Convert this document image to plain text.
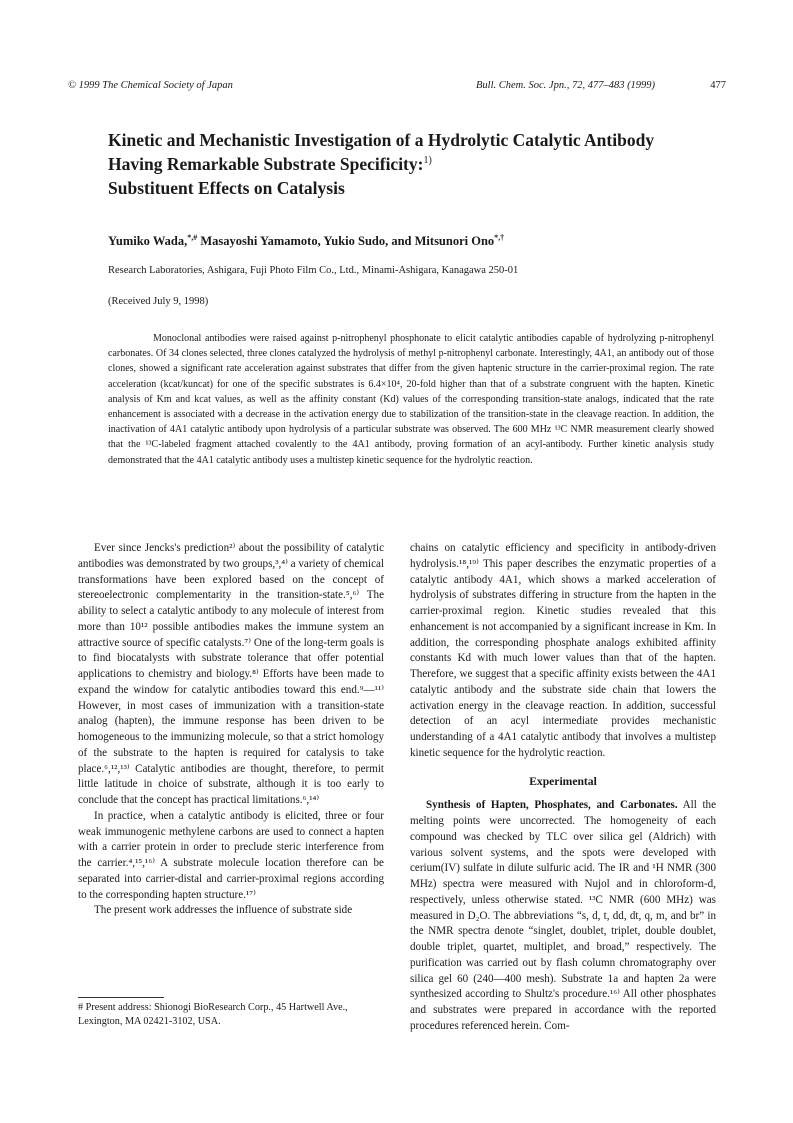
© 1999 The Chemical Society of Japan	Bull. Chem. Soc. Jpn., 72, 477–483 (1999)	477
Kinetic and Mechanistic Investigation of a Hydrolytic Catalytic Antibody
Having Remarkable Substrate Specificity:$^{1)}$
Substituent Effects on Catalysis
Yumiko Wada,*,# Masayoshi Yamamoto, Yukio Sudo, and Mitsunori Ono*,†
Research Laboratories, Ashigara, Fuji Photo Film Co., Ltd., Minami-Ashigara, Kanagawa 250-01
(Received July 9, 1998)
Monoclonal antibodies were raised against p-nitrophenyl phosphonate to elicit catalytic antibodies capable of hydrolyzing p-nitrophenyl carbonates. Of 34 clones selected, three clones catalyzed the hydrolysis of methyl p-nitrophenyl carbonate. Interestingly, 4A1, an antibody out of those clones, showed a significant rate acceleration against substrates that differ from the given haptenic structure in the carrier-proximal region. The rate acceleration (kcat/kuncat) for one of the specific substrates is 6.4×10⁴, 20-fold higher than that of a substrate congruent with the hapten. Kinetic analysis of Km and kcat values, as well as the affinity constant (Kd) values of the corresponding transition-state analogs, indicated that the rate enhancement is associated with a decrease in the activation energy due to stabilization of the transition-state in the cleavage reaction. In addition, the inactivation of 4A1 catalytic antibody upon hydrolysis of a particular substrate was observed. The 600 MHz ¹³C NMR measurement clearly showed that the ¹³C-labeled fragment attached covalently to the 4A1 antibody, proving formation of an acyl-antibody. Further kinetic analysis study demonstrated that the 4A1 catalytic antibody uses a multistep kinetic sequence for the hydrolytic reaction.

Ever since Jencks's prediction²⁾ about the possibility of catalytic antibodies was demonstrated by two groups,³,⁴⁾ a variety of chemical transformations have been explored based on the concept of stereoelectronic complementarity in the transition-state.⁵,⁶⁾ The ability to select a catalytic antibody to any molecule of interest from more than 10¹² possible antibodies makes the immune system an attractive source of specific catalysts.⁷⁾ One of the long-term goals is to find biocatalysts with substrate tolerance that offer potential applications to chemistry and biology.⁸⁾ Efforts have been made to expand the window for catalytic antibodies toward this end.⁹—¹¹⁾ However, in most cases of immunization with a transition-state analog (hapten), the immune response has been driven to be homogeneous to the immunizing molecule, so that a strict homology of the substrate to the hapten is required for catalysis to take place.⁶,¹²,¹³⁾ Catalytic antibodies are thought, therefore, to permit little latitude in choice of substrate, although it is too early to conclude that the concept has practical limitations.⁶,¹⁴⁾

In practice, when a catalytic antibody is elicited, three or four weak immunogenic methylene carbons are used to connect a hapten with a carrier protein in order to preclude steric interference from the carrier.⁴,¹⁵,¹⁶⁾ A substrate molecule location therefore can be separated into carrier-distal and carrier-proximal regions according to the corresponding hapten structure.¹⁷⁾

The present work addresses the influence of substrate side

chains on catalytic efficiency and specificity in antibody-driven hydrolysis.¹⁸,¹⁹⁾ This paper describes the enzymatic properties of a catalytic antibody 4A1, which shows a marked acceleration of hydrolysis of substrates differing in structure from the hapten in the carrier-proximal region. Kinetic studies revealed that this enhancement is not accompanied by a significant increase in Km. In addition, the corresponding phosphate analogs exhibited affinity constants Kd with much lower values than that of the hapten. Therefore, we suggest that a specific affinity exists between the 4A1 catalytic antibody and the substrate side chain that lowers the activation energy in the cleavage reaction. In addition, successful detection of an acyl intermediate provides mechanistic understanding of a 4A1 catalytic antibody that involves a multistep kinetic sequence for the hydrolytic reaction.

Experimental

Synthesis of Hapten, Phosphates, and Carbonates. All the melting points were uncorrected. The homogeneity of each compound was checked by TLC over silica gel (Aldrich) with various solvent systems, and the spots were developed with cerium(IV) sulfate in dilute sulfuric acid. The IR and ¹H NMR (300 MHz) spectra were measured with Nujol and in chloroform-d, respectively, unless otherwise stated. ¹³C NMR (600 MHz) was measured in D₂O. The abbreviations “s, d, t, dd, dt, q, m, and br” in the NMR spectra denote “singlet, doublet, triplet, double doublet, double triplet, quartet, multiplet, and broad,” respectively. The purification was carried out by flash column chromatography over silica gel 60 (240—400 mesh). Substrate 1a and hapten 2a were synthesized according to Shultz's procedure.¹⁶⁾ All other phosphates and substrates were prepared in accordance with the reported procedures referenced herein. Com-

# Present address: Shionogi BioResearch Corp., 45 Hartwell Ave., Lexington, MA 02421-3102, USA.
